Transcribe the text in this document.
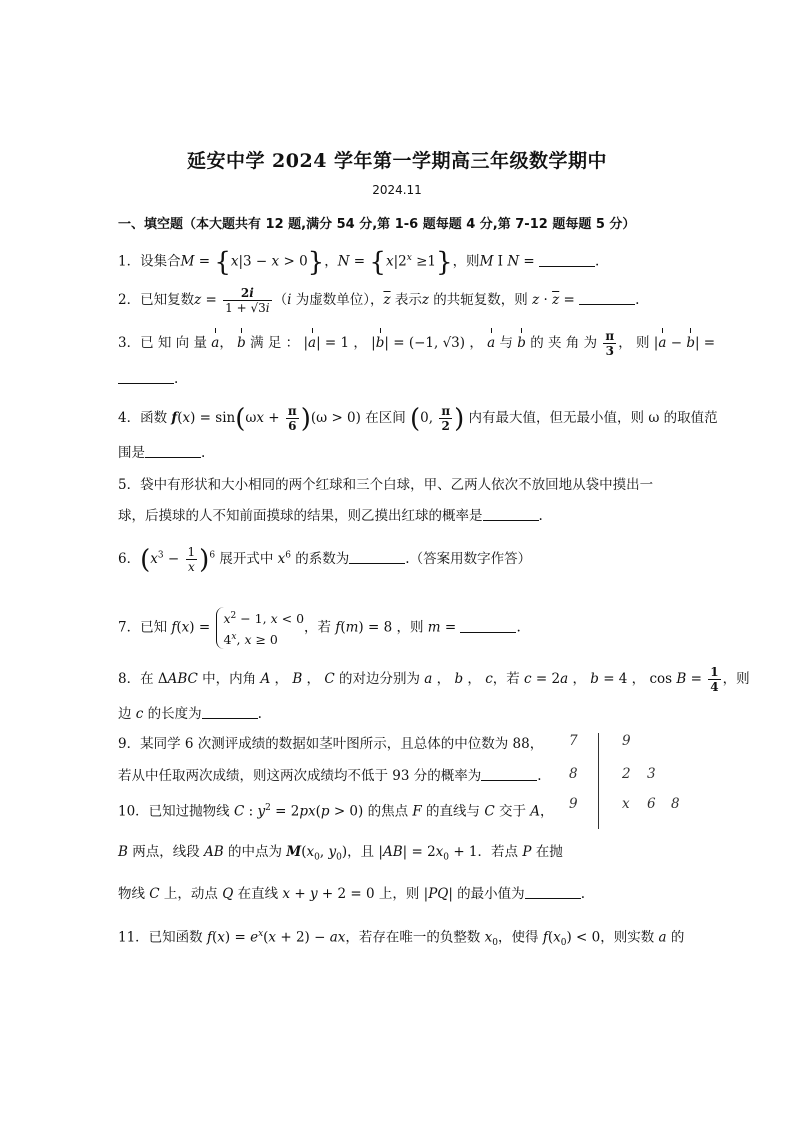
延安中学 2024 学年第一学期高三年级数学期中
2024.11
一、填空题（本大题共有 12 题,满分 54 分,第 1-6 题每题 4 分,第 7-12 题每题 5 分）
1．设集合M = {x|3 − x > 0}，$N = \{x|2^x \ge 1\}$，则M I N =	.
2．已知复数$z = \frac{2i}{1 + √3i} (i$ 为虚数单位），$\overline{z}$ 表示z 的共轭复数，则 $z \cdot \overline{z}$ =	.
3．已 知 向 量 a， b 满 足 ： |a| = 1 ， |b| = (−1, √3) ， a 与 b 的 夹 角 为 $\frac{\pi}{3}$ ， 则 |a − b| =
.
4．函数 $f(x) = \sin(\omega x + \frac{\pi}{6} )(\omega > 0)$ 在区间 (0, $\frac{\pi}{2}$ ) 内有最大值，但无最小值，则 ω 的取值范
围是	.
5．袋中有形状和大小相同的两个红球和三个白球，甲、乙两人依次不放回地从袋中摸出一
球，后摸球的人不知前面摸球的结果，则乙摸出红球的概率是	.
6．$(x^3 - \frac{1}{x} )^6$ 展开式中 $x^6$ 的系数为	.（答案用数字作答）
7．已知 f(x) =
$x^2 - 1$, x < 0
4$^x$, x ≥ 0
，若 f(m) = 8 ，则 m =	.
8．在 ΔABC 中，内角 A ， B ， C 的对边分别为 a ， b ， c，若 c = 2a ， b = 4 ， $\cos B = \frac{1}{4}$ ，则
边 c 的长度为	.
9．某同学 6 次测评成绩的数据如茎叶图所示，且总体的中位数为 88，
若从中任取两次成绩，则这两次成绩均不低于 93 分的概率为	.
7	9
8	2 3
9	x 6 8
10．已知过抛物线 C : $y^2 = 2px(p > 0)$ 的焦点 F 的直线与 C 交于 A，
B 两点，线段 AB 的中点为 $M(x_0$, $y_0$)，且 $|AB| = 2x_0 + 1$．若点 P 在抛
物线 C 上，动点 Q 在直线 x + y + 2 = 0 上，则 |PQ| 的最小值为	.
11．已知函数 $f(x) = e^x(x + 2)$ − ax，若存在唯一的负整数 $x_0$，使得 $f(x_0) < 0$，则实数 a 的
